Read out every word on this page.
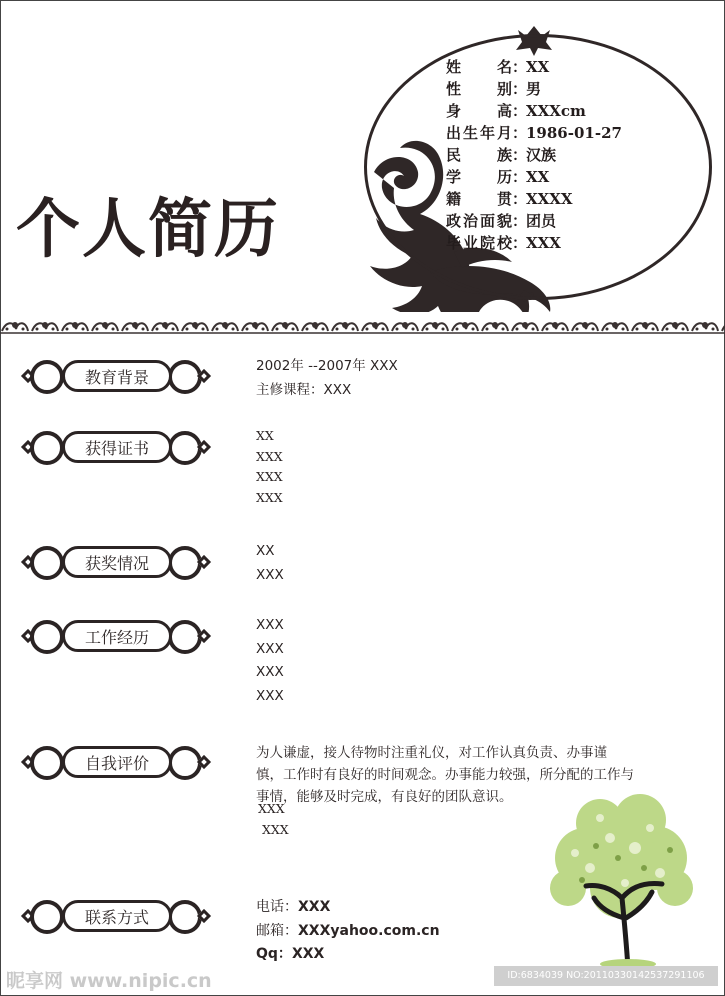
个人简历
姓名：XX
性别：男
身高：XXXcm
出生年月：1986-01-27
民族：汉族
学历：XX
籍贯：XXXX
政治面貌：团员
毕业院校：XXX
教育背景
2002年 --2007年 XXX
主修课程：XXX
获得证书
XX
XXX
XXX
XXX
获奖情况
XX
XXX
工作经历
XXX
XXX
XXX
XXX
自我评价
为人谦虚，接人待物时注重礼仪，对工作认真负责、办事谨 慎，工作时有良好的时间观念。办事能力较强，所分配的工作与事情，能够及时完成，有良好的团队意识。
XXX
XXX
联系方式
电话：XXX
邮箱：XXXyahoo.com.cn
Qq：XXX
昵享网 www.nipic.cn	ID:6834039 NO:20110330142537291106
